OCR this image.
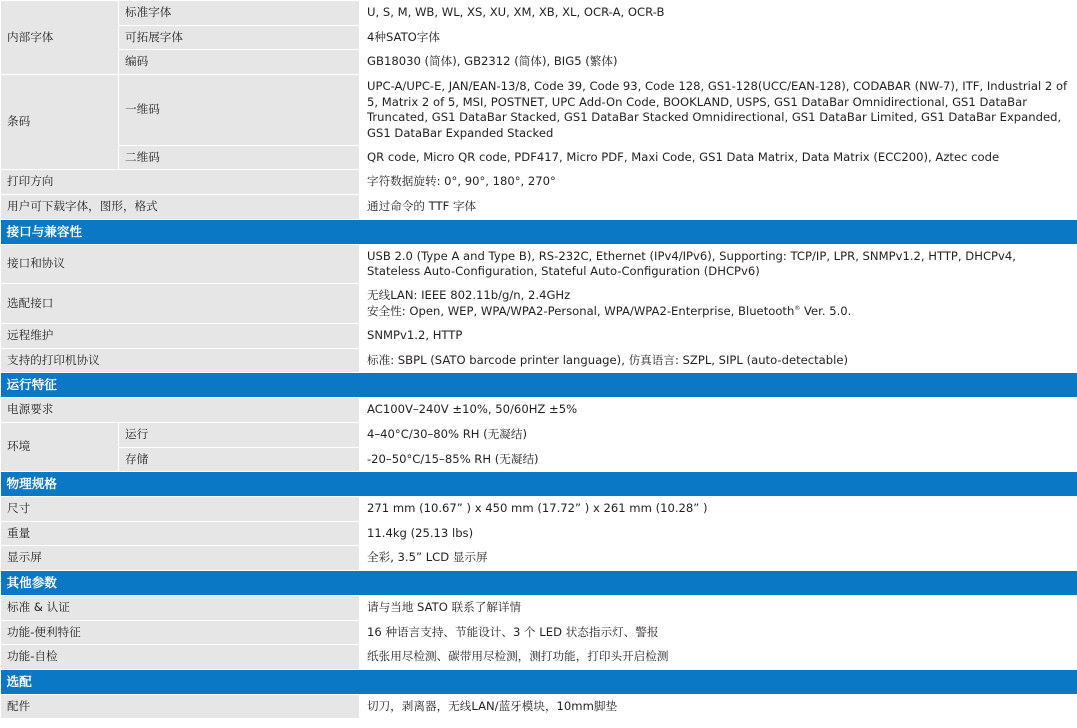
内部字体	标准字体	U, S, M, WB, WL, XS, XU, XM, XB, XL, OCR-A, OCR-B
	可拓展字体	4种SATO字体
	编码	GB18030 (简体), GB2312 (简体), BIG5 (繁体)
条码	一维码	UPC-A/UPC-E, JAN/EAN-13/8, Code 39, Code 93, Code 128, GS1-128(UCC/EAN-128), CODABAR (NW-7), ITF, Industrial 2 of 5, Matrix 2 of 5, MSI, POSTNET, UPC Add-On Code, BOOKLAND, USPS, GS1 DataBar Omnidirectional, GS1 DataBar Truncated, GS1 DataBar Stacked, GS1 DataBar Stacked Omnidirectional, GS1 DataBar Limited, GS1 DataBar Expanded, GS1 DataBar Expanded Stacked
	二维码	QR code, Micro QR code, PDF417, Micro PDF, Maxi Code, GS1 Data Matrix, Data Matrix (ECC200), Aztec code
打印方向		字符数据旋转: 0°, 90°, 180°, 270°
用户可下载字体，图形，格式		通过命令的 TTF 字体
接口与兼容性		
接口和协议		USB 2.0 (Type A and Type B), RS-232C, Ethernet (IPv4/IPv6), Supporting: TCP/IP, LPR, SNMPv1.2, HTTP, DHCPv4, Stateless Auto-Configuration, Stateful Auto-Configuration (DHCPv6)
选配接口		无线LAN: IEEE 802.11b/g/n, 2.4GHz
安全性: Open, WEP, WPA/WPA2-Personal, WPA/WPA2-Enterprise, Bluetooth® Ver. 5.0.

远程维护		SNMPv1.2, HTTP
支持的打印机协议		标准: SBPL (SATO barcode printer language), 仿真语言: SZPL, SIPL (auto-detectable)
运行特征		
电源要求		AC100V–240V ±10%, 50/60HZ ±5%
环境	运行	4–40°C/30–80% RH (无凝结)
	存储	-20–50°C/15–85% RH (无凝结)
物理规格		
尺寸		271 mm (10.67” ) x 450 mm (17.72” ) x 261 mm (10.28” )
重量		11.4kg (25.13 lbs)
显示屏		全彩, 3.5” LCD 显示屏
其他参数		
标准 & 认证		请与当地 SATO 联系了解详情
功能-便利特征		16 种语言支持、节能设计、3 个 LED 状态指示灯、警报
功能-自检		纸张用尽检测、碳带用尽检测，测打功能，打印头开启检测
选配		
配件		切刀，剥离器，无线LAN/蓝牙模块，10mm脚垫
